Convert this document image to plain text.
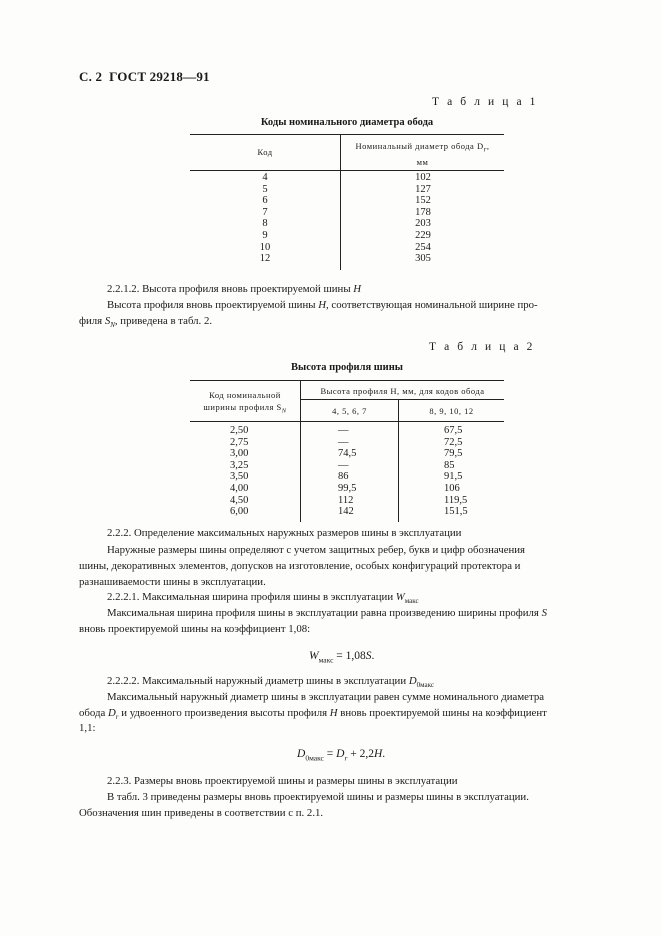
С. 2 ГОСТ 29218—91
Т а б л и ц а 1
Коды номинального диаметра обода
Код
Номинальный диаметр обода $D_r$,
мм
4
5
6
7
8
9
10
12
102
127
152
178
203
229
254
305
2.2.1.2. Высота профиля вновь проектируемой шины H
Высота профиля вновь проектируемой шины H, соответствующая номинальной ширине про-
филя $S_N$, приведена в табл. 2.
Т а б л и ц а 2
Высота профиля шины
Код номинальной
ширины профиля $S_N$
Высота профиля H, мм, для кодов обода
4, 5, 6, 7	8, 9, 10, 12
2,50
2,75
3,00
3,25
3,50
4,00
4,50
6,00
—
—
74,5
—
86
99,5
112
142
67,5
72,5
79,5
85
91,5
106
119,5
151,5
2.2.2. Определение максимальных наружных размеров шины в эксплуатации
Наружные размеры шины определяют с учетом защитных ребер, букв и цифр обозначения
шины, декоративных элементов, допусков на изготовление, особых конфигураций протектора и
разнашиваемости шины в эксплуатации.
2.2.2.1. Максимальная ширина профиля шины в эксплуатации $W_{макс}$
Максимальная ширина профиля шины в эксплуатации равна произведению ширины профиля S
вновь проектируемой шины на коэффициент 1,08:
$W_{макс} = 1,08S$.
2.2.2.2. Максимальный наружный диаметр шины в эксплуатации $D_{0макс}$
Максимальный наружный диаметр шины в эксплуатации равен сумме номинального диаметра
обода $D_r$ и удвоенного произведения высоты профиля H вновь проектируемой шины на коэффициент
1,1:
$D_{0макс} = D_r + 2,2H$.
2.2.3. Размеры вновь проектируемой шины и размеры шины в эксплуатации
В табл. 3 приведены размеры вновь проектируемой шины и размеры шины в эксплуатации.
Обозначения шин приведены в соответствии с п. 2.1.
